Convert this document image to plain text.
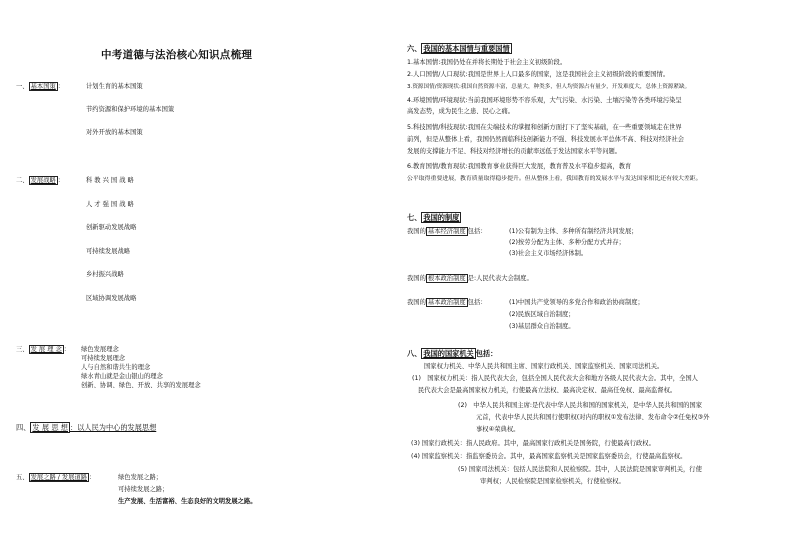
中考道德与法治核心知识点梳理
一、 基本国策 ：	计划生育的基本国策
节约资源和保护环境的基本国策
对外开放的基本国策
二、 发展战略 ：	科 教 兴 国 战 略
人 才 强 国 战 略
创新驱动发展战略
可持续发展战略
乡村振兴战略
区域协调发展战略
三、 发 展 理 念 ： 绿色发展理念
可持续发展理念
人与自然和谐共生的理念
绿水青山就是金山银山的理念
创新、协调、绿色、开放、共享的发展理念
四、 发 展 思 想 ：以人民为中心的发展思想
五、 发展之路 / 发展道路 ：	绿色发展之路；
可持续发展之路；
生产发展、生活富裕、生态良好的文明发展之路。
六、 我国的基本国情与重要国情
1.基本国情:我国仍处在并将长期处于社会主义初级阶段。
2.人口国情/人口现状:我国是世界上人口最多的国家，这是我国社会主义初级阶段的重要国情。
3.资源国情/资源现状:我国自然资源丰富，总量大，种类多，但人均资源占有量少，开发难度大，总体上资源紧缺。
4.环境国情/环境现状:当前我国环境形势不容乐观，大气污染、水污染、土壤污染等各类环境污染呈
高发态势，成为民生之患、民心之痛。
5.科技国情/科技现状:我国在尖端技术的掌握和创新方面打下了坚实基础，在一些重要领域走在世界
前列，但是从整体上看，我国仍然面临科技创新能力不强、科技发展水平总体不高、科技对经济社会
发展的支撑能力不足、科技对经济增长的贡献率远低于发达国家水平等问题。
6.教育国情/教育现状:我国教育事业获得巨大发展，教育普及水平稳步提高，教育
公平取得重要进展，教育质量取得稳步提升。但从整体上看，我国教育的发展水平与发达国家相比还有较大差距。
七、 我国的制度
我国的 基本经济制度 包括：	(1)公有制为主体、多种所有制经济共同发展；
(2)按劳分配为主体、多种分配方式并存；
(3)社会主义市场经济体制。
我国的 根本政治制度 是:人民代表大会制度。
我国的 基本政治制度 包括：	(1)中国共产党领导的多党合作和政治协商制度；
(2)民族区域自治制度；
(3)基层群众自治制度。
八、 我国的国家机关 包括：
国家权力机关、中华人民共和国主席、国家行政机关、国家监察机关、国家司法机关。
(1)　国家权力机关：指人民代表大会，包括全国人民代表大会和地方各级人民代表大会。其中，全国人
民代表大会是最高国家权力机关，行使最高立法权、最高决定权、最高任免权、最高监督权。
(2)　中华人民共和国主席:是代表中华人民共和国的国家机关，是中华人民共和国的国家
元首，代表中华人民共和国行使职权(对内的职权①发布法律、发布命令②任免权③外
事权④荣典权。
(3) 国家行政机关：指人民政府。其中，最高国家行政机关是国务院，行使最高行政权。
(4) 国家监察机关：指监察委员会。其中，最高国家监察机关是国家监察委员会，行使最高监察权。
(5) 国家司法机关：包括人民法院和人民检察院。其中，人民法院是国家审判机关，行使
审判权；人民检察院是国家检察机关，行使检察权。
